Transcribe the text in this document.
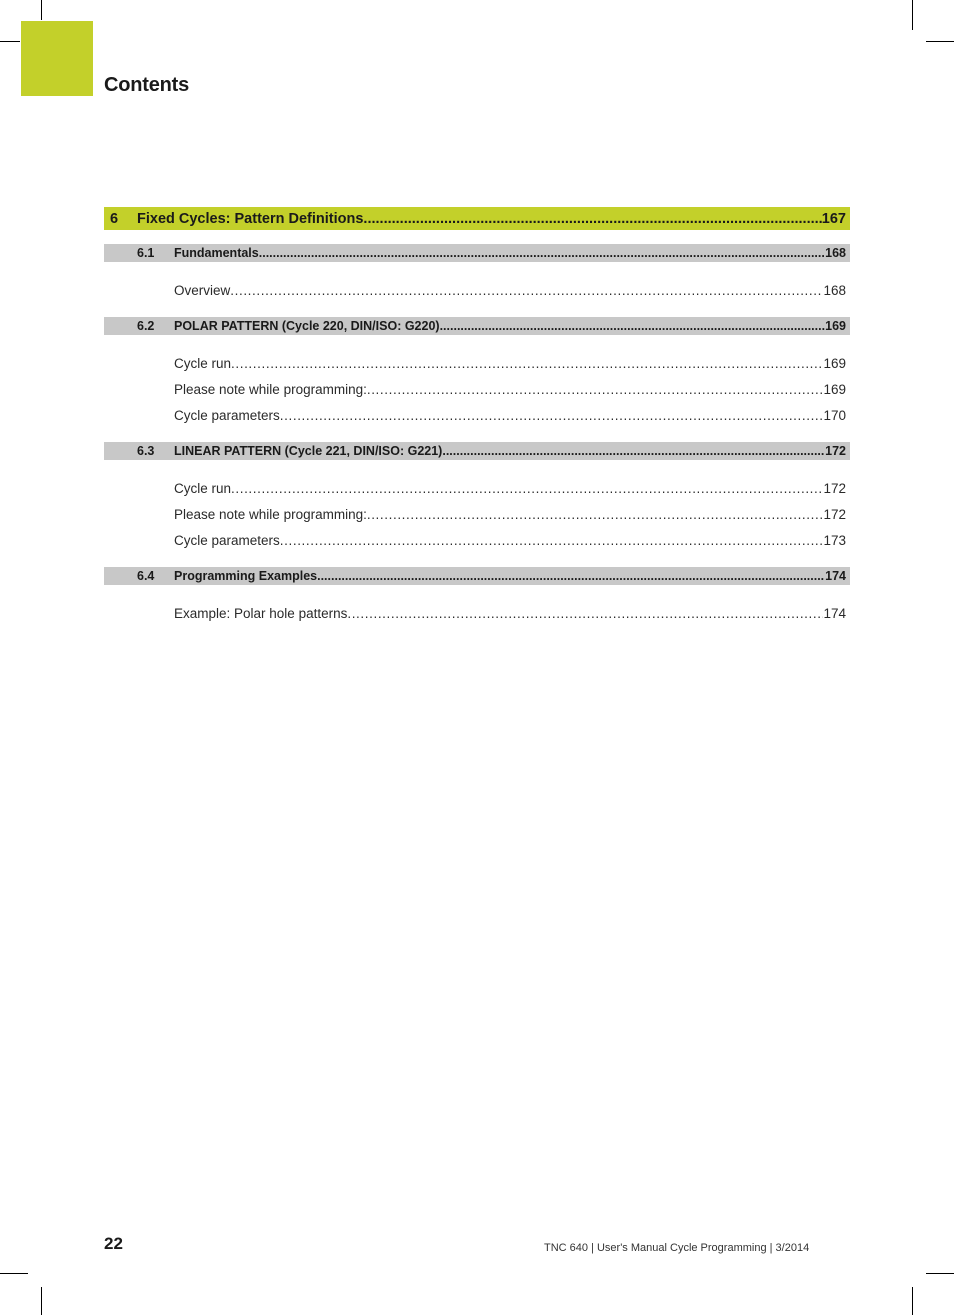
Contents
6	Fixed Cycles: Pattern Definitions .....	167
6.1	Fundamentals .....	168
Overview .....	168
6.2	POLAR PATTERN (Cycle 220, DIN/ISO: G220) .....	169
Cycle run .....	169
Please note while programming: .....	169
Cycle parameters .....	170
6.3	LINEAR PATTERN (Cycle 221, DIN/ISO: G221) .....	172
Cycle run .....	172
Please note while programming: .....	172
Cycle parameters .....	173
6.4	Programming Examples .....	174
Example: Polar hole patterns .....	174
22	TNC 640 | User's Manual Cycle Programming | 3/2014
